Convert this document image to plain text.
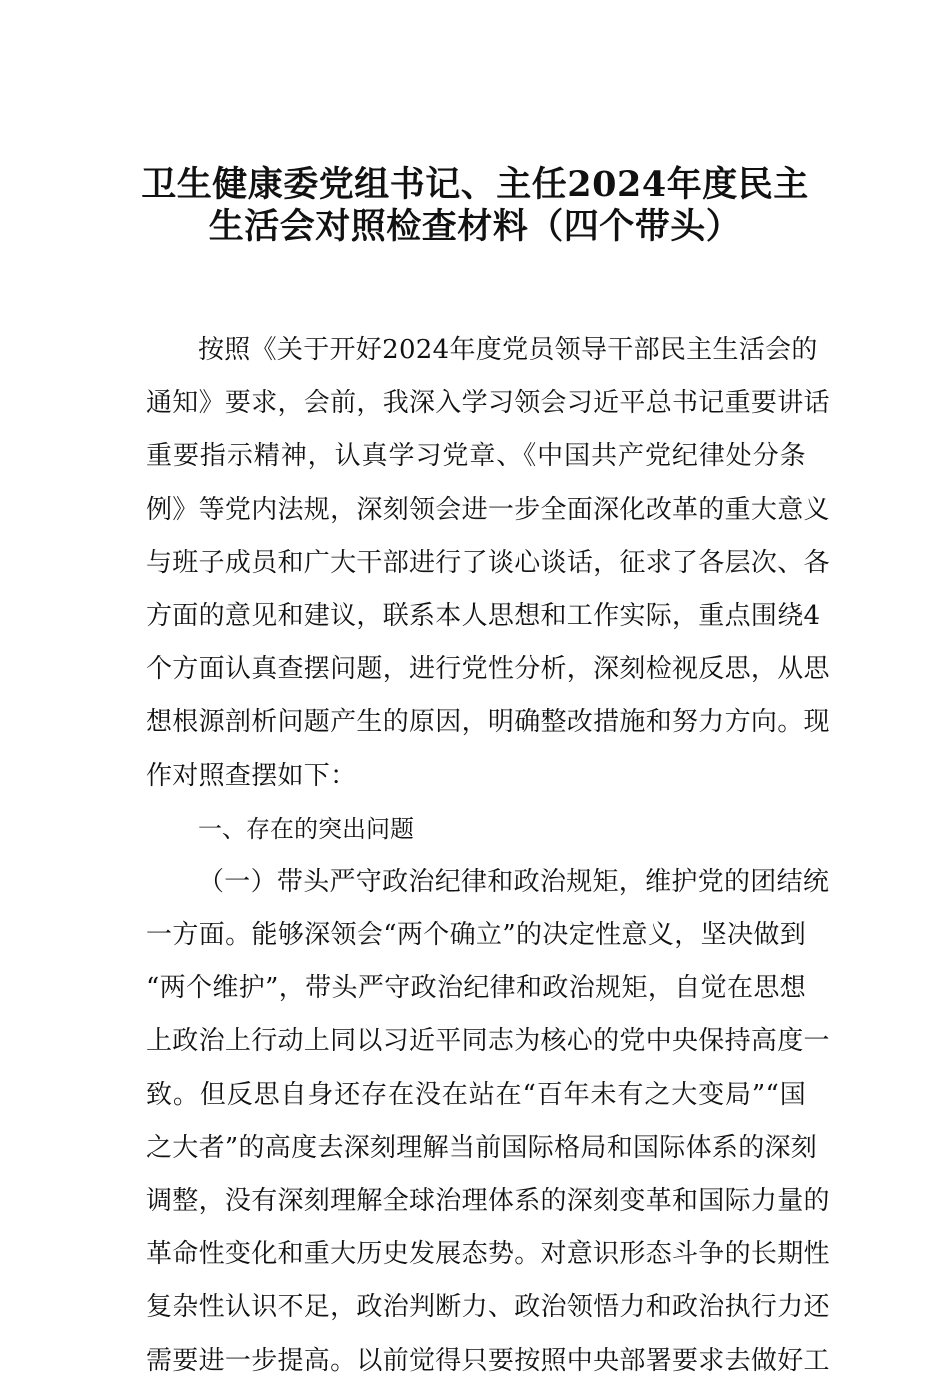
卫生健康委党组书记、主任2024年度民主
生活会对照检查材料（四个带头）
按照《关于开好2024年度党员领导干部民主生活会的
通知》要求，会前，我深入学习领会习近平总书记重要讲话
重要指示精神，认真学习党章、《中国共产党纪律处分条
例》等党内法规，深刻领会进一步全面深化改革的重大意义
与班子成员和广大干部进行了谈心谈话，征求了各层次、各
方面的意见和建议，联系本人思想和工作实际，重点围绕4
个方面认真查摆问题，进行党性分析，深刻检视反思，从思
想根源剖析问题产生的原因，明确整改措施和努力方向。现
作对照查摆如下：
一、存在的突出问题
（一）带头严守政治纪律和政治规矩，维护党的团结统
一方面。能够深领会“两个确立”的决定性意义，坚决做到
“两个维护”，带头严守政治纪律和政治规矩，自觉在思想
上政治上行动上同以习近平同志为核心的党中央保持高度一
致。但反思自身还存在没在站在“百年未有之大变局”“国
之大者”的高度去深刻理解当前国际格局和国际体系的深刻
调整，没有深刻理解全球治理体系的深刻变革和国际力量的
革命性变化和重大历史发展态势。对意识形态斗争的长期性
复杂性认识不足，政治判断力、政治领悟力和政治执行力还
需要进一步提高。以前觉得只要按照中央部署要求去做好工
